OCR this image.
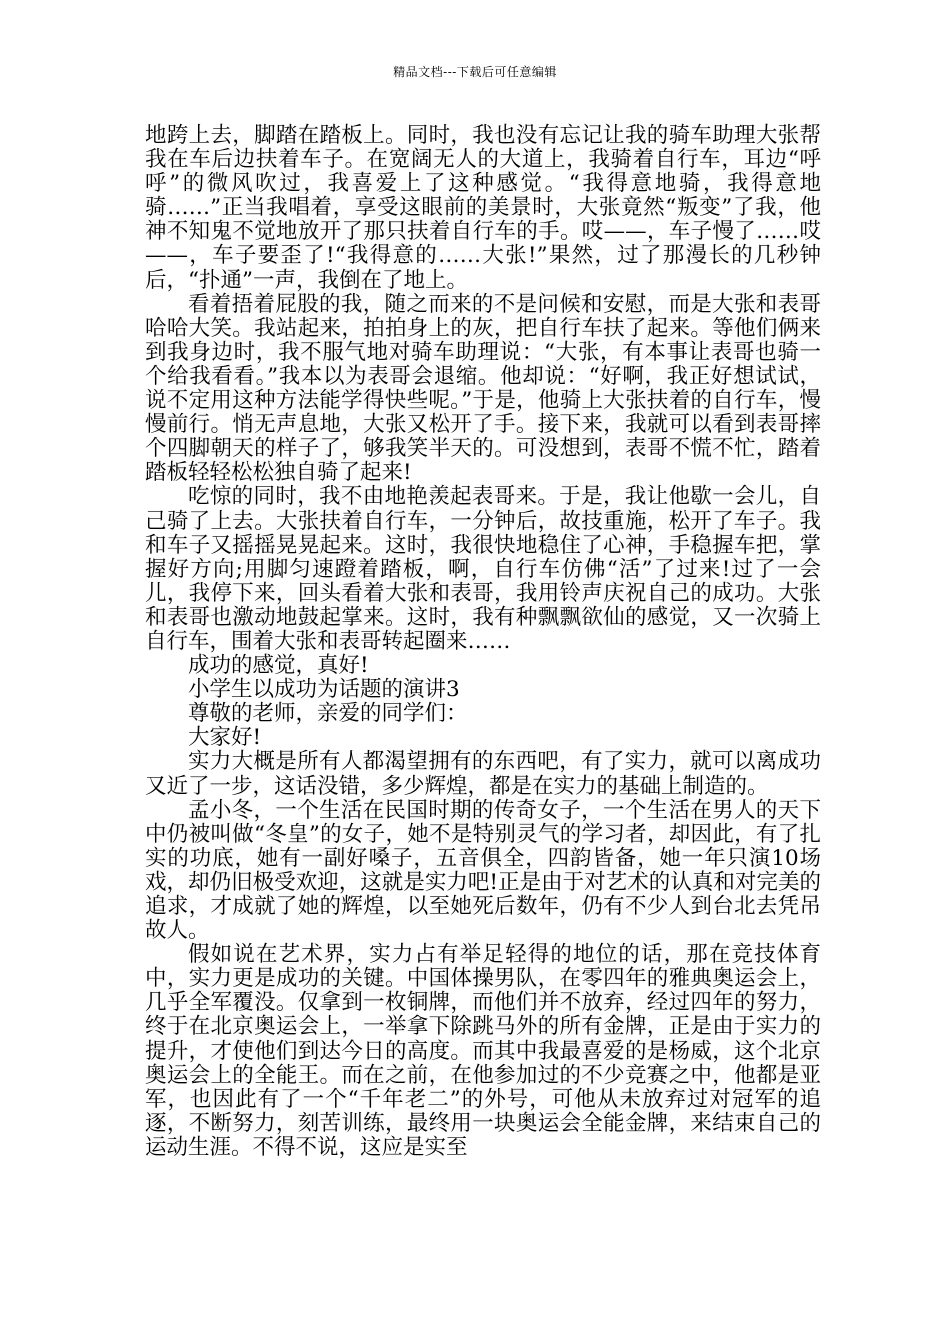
精品文档---下载后可任意编辑

地跨上去，脚踏在踏板上。同时，我也没有忘记让我的骑车助理大张帮我在车后边扶着车子。在宽阔无人的大道上，我骑着自行车，耳边“呼呼”的微风吹过，我喜爱上了这种感觉。“我得意地骑，我得意地骑……”正当我唱着，享受这眼前的美景时，大张竟然“叛变”了我，他神不知鬼不觉地放开了那只扶着自行车的手。哎——，车子慢了……哎——，车子要歪了!“我得意的……大张!”果然，过了那漫长的几秒钟后，“扑通”一声，我倒在了地上。

看着捂着屁股的我，随之而来的不是问候和安慰，而是大张和表哥哈哈大笑。我站起来，拍拍身上的灰，把自行车扶了起来。等他们俩来到我身边时，我不服气地对骑车助理说：“大张，有本事让表哥也骑一个给我看看。”我本以为表哥会退缩。他却说：“好啊，我正好想试试，说不定用这种方法能学得快些呢。”于是，他骑上大张扶着的自行车，慢慢前行。悄无声息地，大张又松开了手。接下来，我就可以看到表哥摔个四脚朝天的样子了，够我笑半天的。可没想到，表哥不慌不忙，踏着踏板轻轻松松独自骑了起来!

吃惊的同时，我不由地艳羡起表哥来。于是，我让他歇一会儿，自己骑了上去。大张扶着自行车，一分钟后，故技重施，松开了车子。我和车子又摇摇晃晃起来。这时，我很快地稳住了心神，手稳握车把，掌握好方向;用脚匀速蹬着踏板，啊，自行车仿佛“活”了过来!过了一会儿，我停下来，回头看着大张和表哥，我用铃声庆祝自己的成功。大张和表哥也激动地鼓起掌来。这时，我有种飘飘欲仙的感觉，又一次骑上自行车，围着大张和表哥转起圈来……

成功的感觉，真好!

小学生以成功为话题的演讲3

尊敬的老师，亲爱的同学们：

大家好!

实力大概是所有人都渴望拥有的东西吧，有了实力，就可以离成功又近了一步，这话没错，多少辉煌，都是在实力的基础上制造的。

孟小冬，一个生活在民国时期的传奇女子，一个生活在男人的天下中仍被叫做“冬皇”的女子，她不是特别灵气的学习者，却因此，有了扎实的功底，她有一副好嗓子，五音俱全，四韵皆备，她一年只演10场戏，却仍旧极受欢迎，这就是实力吧!正是由于对艺术的认真和对完美的追求，才成就了她的辉煌，以至她死后数年，仍有不少人到台北去凭吊故人。

假如说在艺术界，实力占有举足轻得的地位的话，那在竞技体育中，实力更是成功的关键。中国体操男队，在零四年的雅典奥运会上，几乎全军覆没。仅拿到一枚铜牌，而他们并不放弃，经过四年的努力，终于在北京奥运会上，一举拿下除跳马外的所有金牌，正是由于实力的提升，才使他们到达今日的高度。而其中我最喜爱的是杨威，这个北京奥运会上的全能王。而在之前，在他参加过的不少竞赛之中，他都是亚军，也因此有了一个“千年老二”的外号，可他从未放弃过对冠军的追逐，不断努力，刻苦训练，最终用一块奥运会全能金牌，来结束自己的运动生涯。不得不说，这应是实至
